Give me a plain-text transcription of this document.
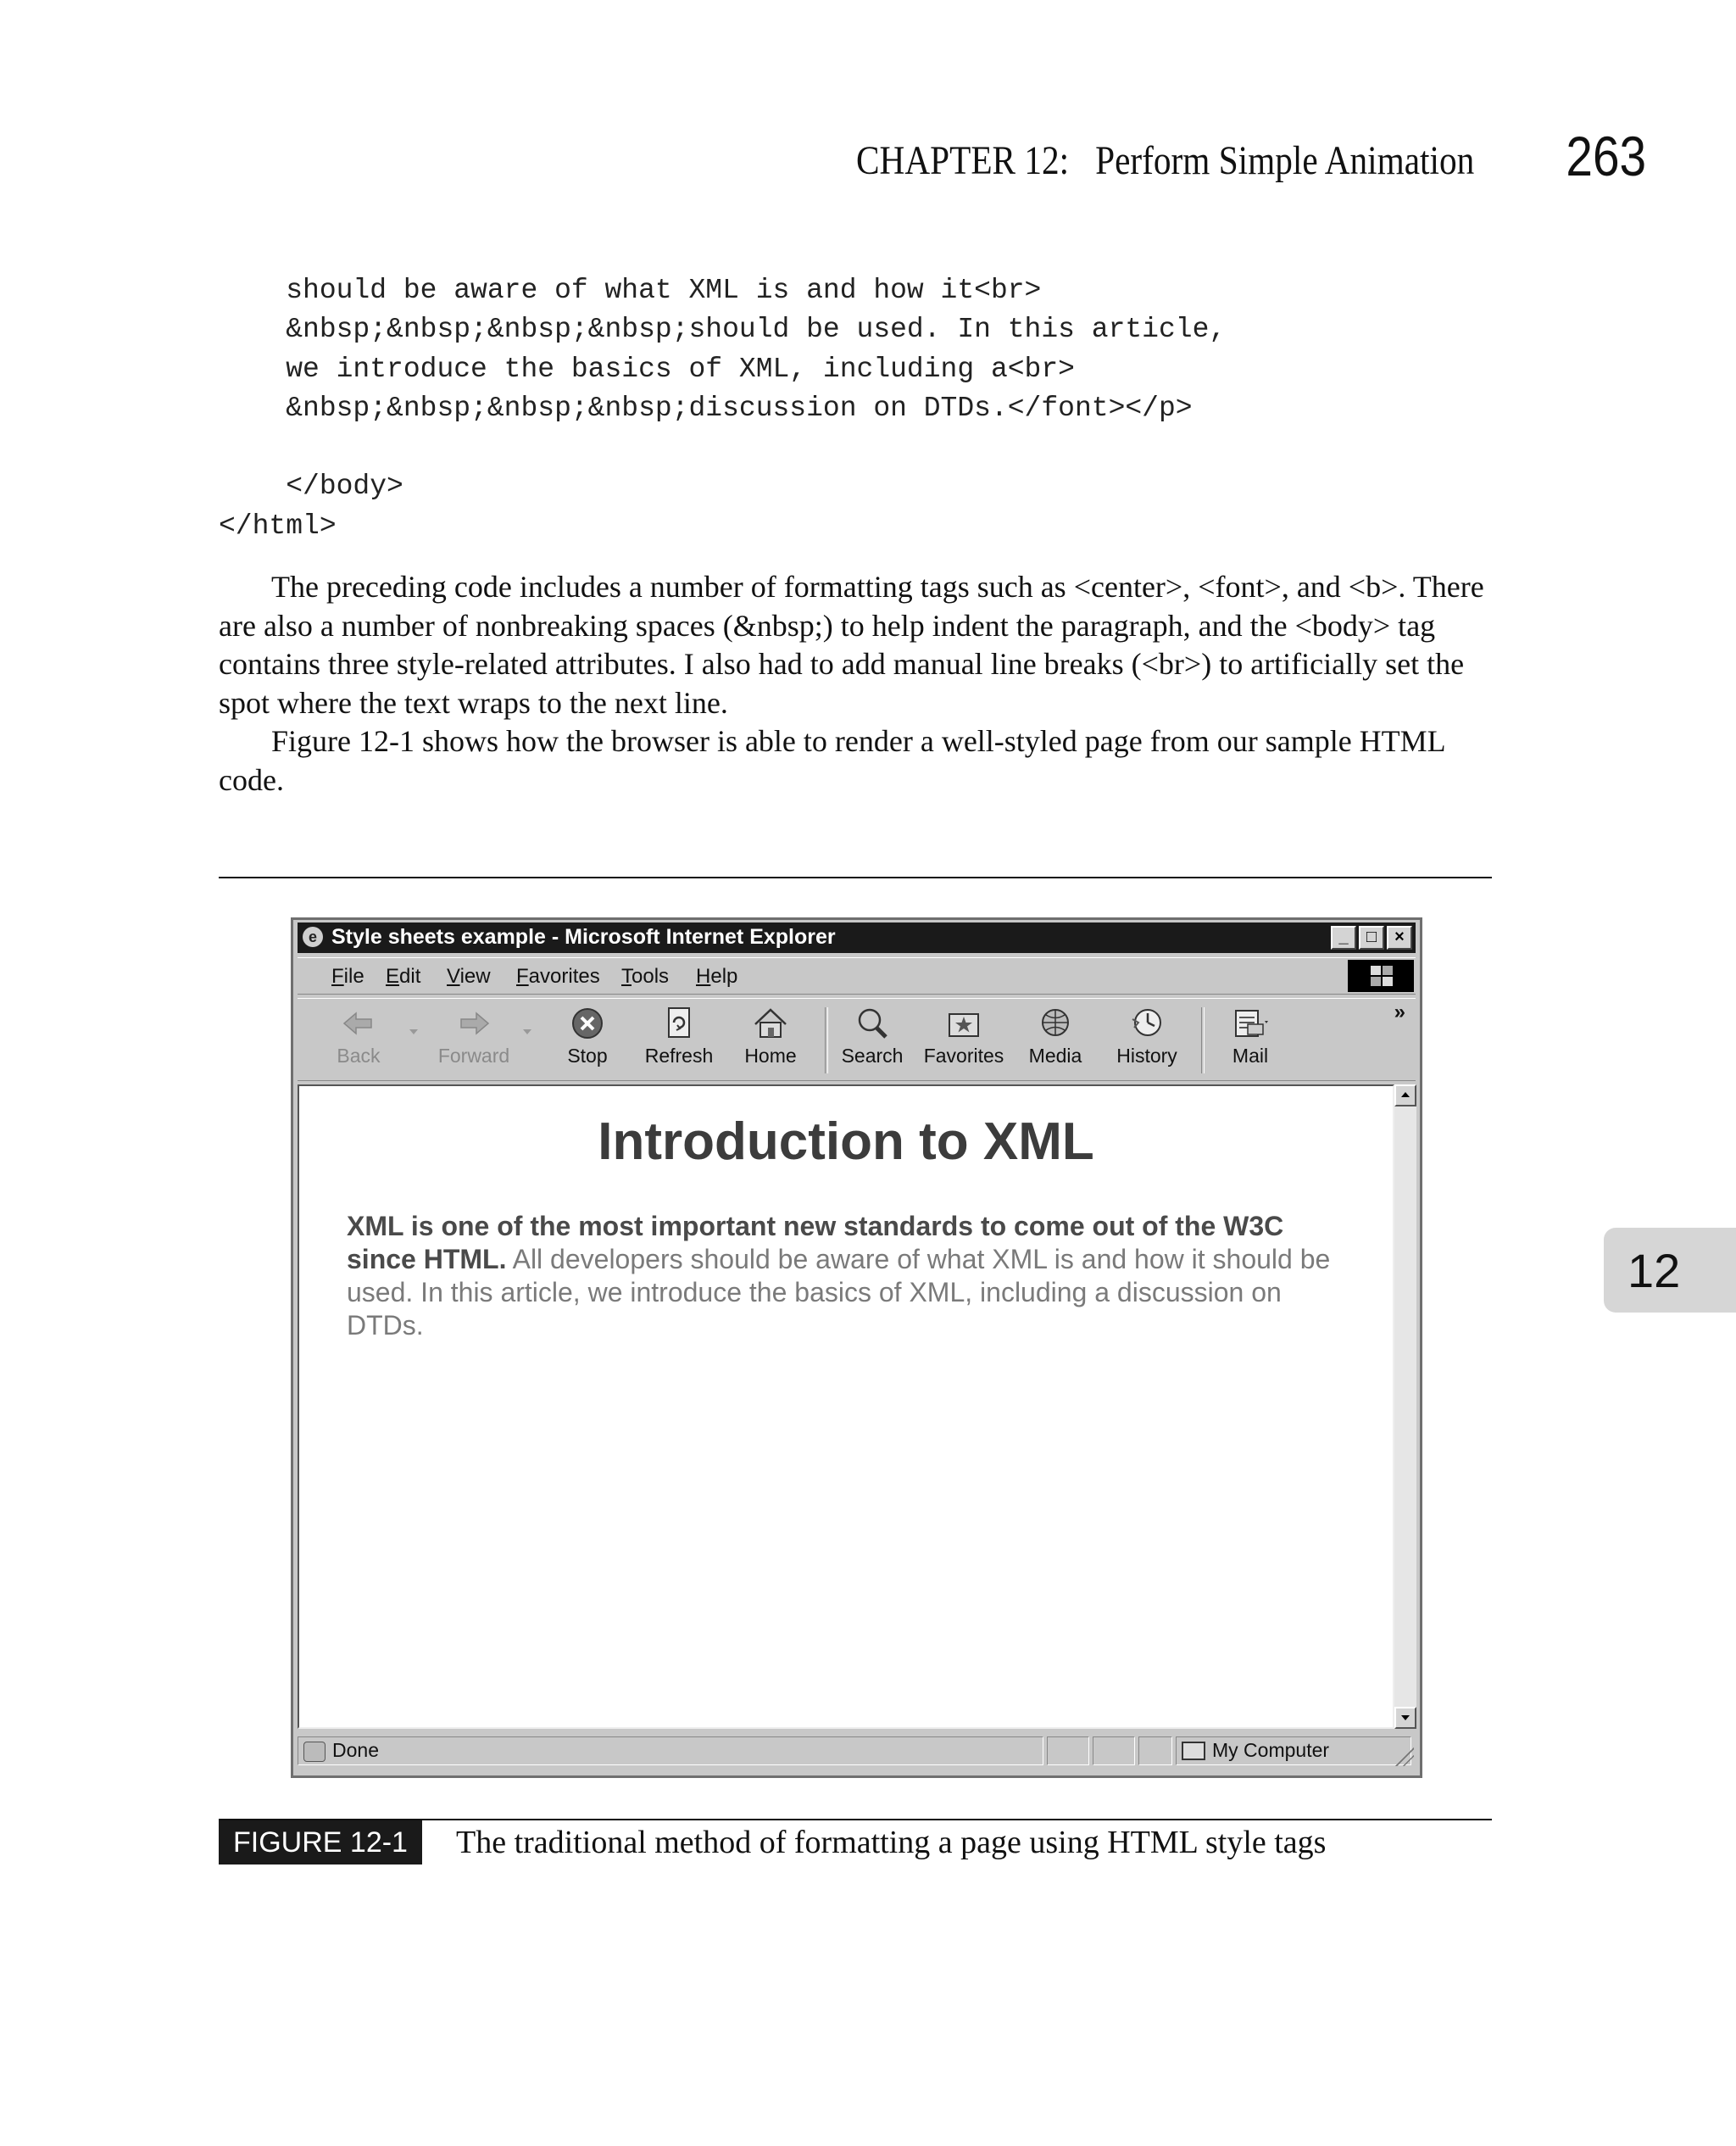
CHAPTER 12: Perform Simple Animation 263
should be aware of what XML is and how it<br>
&nbsp;&nbsp;&nbsp;&nbsp;should be used. In this article,
we introduce the basics of XML, including a<br>
&nbsp;&nbsp;&nbsp;&nbsp;discussion on DTDs.</font></p>

</body>
</html>

The preceding code includes a number of formatting tags such as <center>, <font>, and <b>. There are also a number of nonbreaking spaces (&nbsp;) to help indent the paragraph, and the <body> tag contains three style-related attributes. I also had to add manual line breaks (<br>) to artificially set the spot where the text wraps to the next line.

Figure 12-1 shows how the browser is able to render a well-styled page from our sample HTML code.

e Style sheets example - Microsoft Internet Explorer	_	□	×
File Edit View Favorites Tools Help
Back	Forward	Stop	Refresh	Home	Search	Favorites	Media	History	Mail
»
Introduction to XML
XML is one of the most important new standards to come out of the W3C since HTML. All developers should be aware of what XML is and how it should be used. In this article, we introduce the basics of XML, including a discussion on DTDs.
Done	My Computer
FIGURE 12-1	The traditional method of formatting a page using HTML style tags
12
